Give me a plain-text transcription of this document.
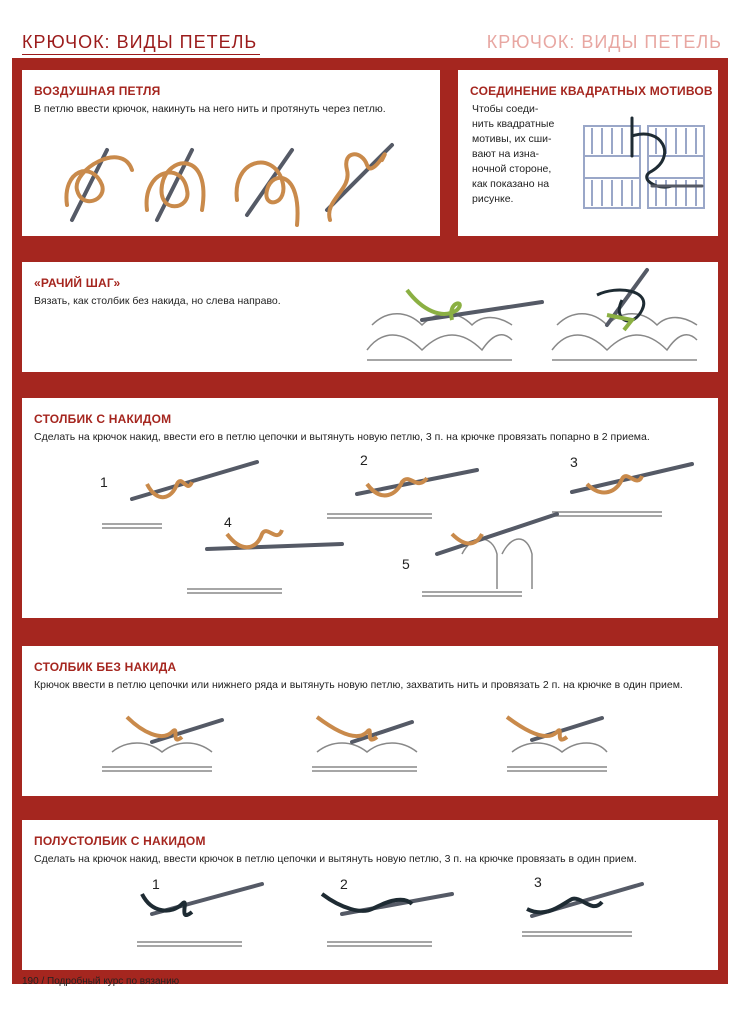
КРЮЧОК: ВИДЫ ПЕТЕЛЬ	КРЮЧОК: ВИДЫ ПЕТЕЛЬ
ВОЗДУШНАЯ ПЕТЛЯ

В петлю ввести крючок, накинуть на него нить и протянуть через петлю.

СОЕДИНЕНИЕ КВАДРАТНЫХ МОТИВОВ
Чтобы соеди-
нить квадратные
мотивы, их сши-
вают на изна-
ночной стороне,
как показано на
рисунке.
«РАЧИЙ ШАГ»

Вязать, как столбик без накида, но слева направо.

СТОЛБИК С НАКИДОМ

Сделать на крючок накид, ввести его в петлю цепочки и вытянуть новую петлю, 3 п. на крючке провязать попарно в 2 приема.

1
2	3
4
5
СТОЛБИК БЕЗ НАКИДА

Крючок ввести в петлю цепочки или нижнего ряда и вытянуть новую петлю, захватить нить и провязать 2 п. на крючке в один прием.

ПОЛУСТОЛБИК С НАКИДОМ

Сделать на крючок накид, ввести крючок в петлю цепочки и вытянуть новую петлю, 3 п. на крючке провязать в один прием.

1	2	3
190 / Подробный курс по вязанию
